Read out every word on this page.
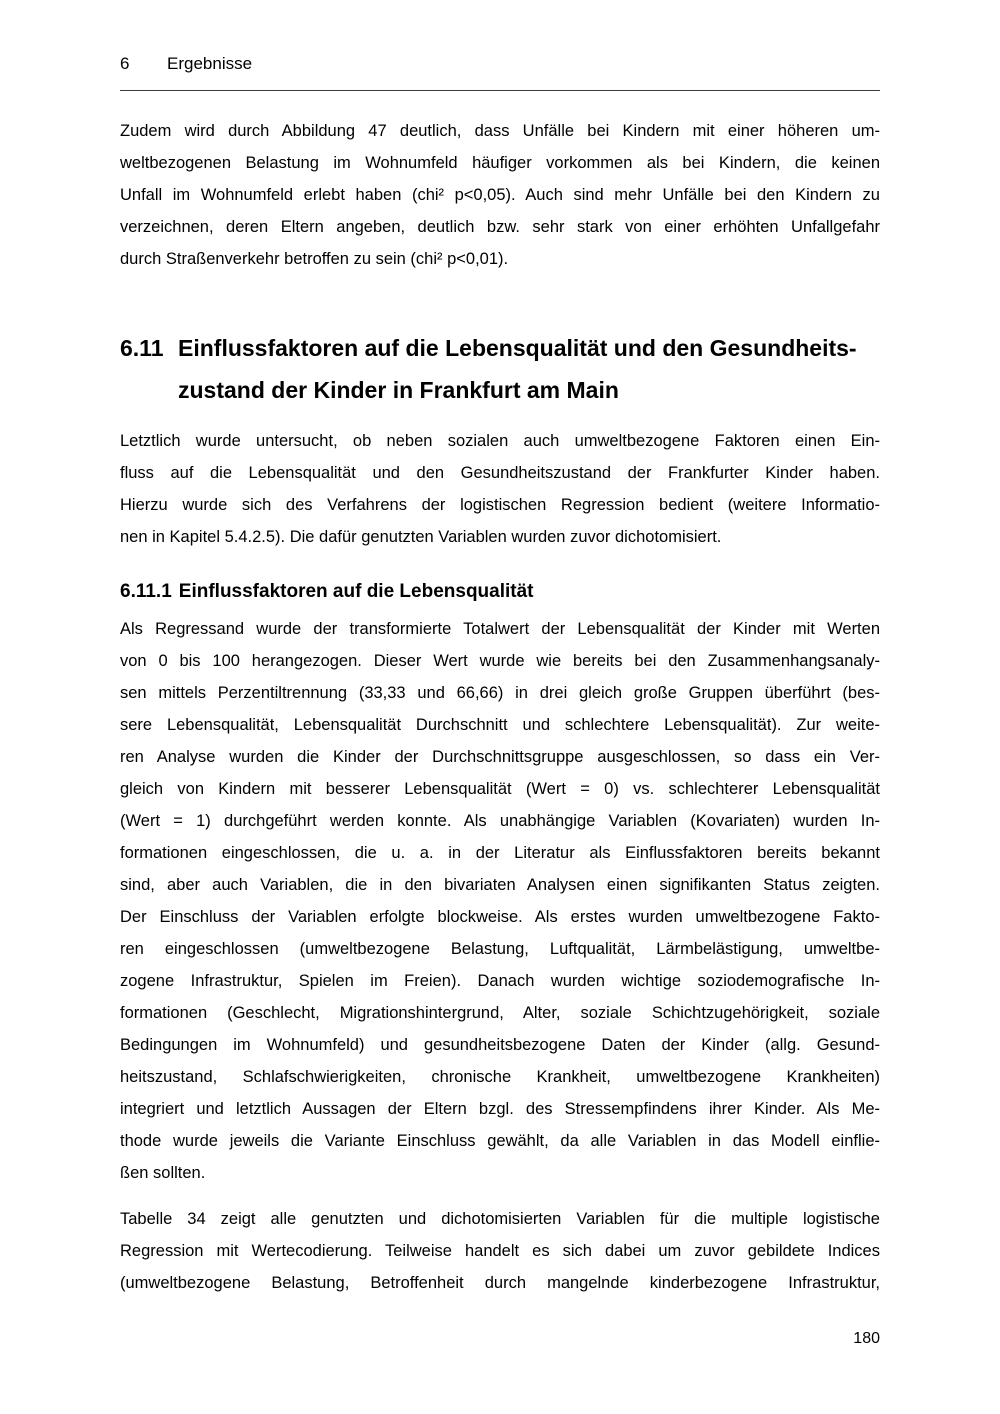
6	Ergebnisse
Zudem wird durch Abbildung 47 deutlich, dass Unfälle bei Kindern mit einer höheren um-
weltbezogenen Belastung im Wohnumfeld häufiger vorkommen als bei Kindern, die keinen
Unfall im Wohnumfeld erlebt haben (chi² p<0,05). Auch sind mehr Unfälle bei den Kindern zu
verzeichnen, deren Eltern angeben, deutlich bzw. sehr stark von einer erhöhten Unfallgefahr
durch Straßenverkehr betroffen zu sein (chi² p<0,01).
6.11 Einflussfaktoren auf die Lebensqualität und den Gesundheits-
zustand der Kinder in Frankfurt am Main
Letztlich wurde untersucht, ob neben sozialen auch umweltbezogene Faktoren einen Ein-
fluss auf die Lebensqualität und den Gesundheitszustand der Frankfurter Kinder haben.
Hierzu wurde sich des Verfahrens der logistischen Regression bedient (weitere Informatio-
nen in Kapitel 5.4.2.5). Die dafür genutzten Variablen wurden zuvor dichotomisiert.
6.11.1 Einflussfaktoren auf die Lebensqualität
Als Regressand wurde der transformierte Totalwert der Lebensqualität der Kinder mit Werten
von 0 bis 100 herangezogen. Dieser Wert wurde wie bereits bei den Zusammenhangsanaly-
sen mittels Perzentiltrennung (33,33 und 66,66) in drei gleich große Gruppen überführt (bes-
sere Lebensqualität, Lebensqualität Durchschnitt und schlechtere Lebensqualität). Zur weite-
ren Analyse wurden die Kinder der Durchschnittsgruppe ausgeschlossen, so dass ein Ver-
gleich von Kindern mit besserer Lebensqualität (Wert = 0) vs. schlechterer Lebensqualität
(Wert = 1) durchgeführt werden konnte. Als unabhängige Variablen (Kovariaten) wurden In-
formationen eingeschlossen, die u. a. in der Literatur als Einflussfaktoren bereits bekannt
sind, aber auch Variablen, die in den bivariaten Analysen einen signifikanten Status zeigten.
Der Einschluss der Variablen erfolgte blockweise. Als erstes wurden umweltbezogene Fakto-
ren eingeschlossen (umweltbezogene Belastung, Luftqualität, Lärmbelästigung, umweltbe-
zogene Infrastruktur, Spielen im Freien). Danach wurden wichtige soziodemografische In-
formationen (Geschlecht, Migrationshintergrund, Alter, soziale Schichtzugehörigkeit, soziale
Bedingungen im Wohnumfeld) und gesundheitsbezogene Daten der Kinder (allg. Gesund-
heitszustand, Schlafschwierigkeiten, chronische Krankheit, umweltbezogene Krankheiten)
integriert und letztlich Aussagen der Eltern bzgl. des Stressempfindens ihrer Kinder. Als Me-
thode wurde jeweils die Variante Einschluss gewählt, da alle Variablen in das Modell einflie-
ßen sollten.
Tabelle 34 zeigt alle genutzten und dichotomisierten Variablen für die multiple logistische
Regression mit Wertecodierung. Teilweise handelt es sich dabei um zuvor gebildete Indices
(umweltbezogene Belastung, Betroffenheit durch mangelnde kinderbezogene Infrastruktur,
180
